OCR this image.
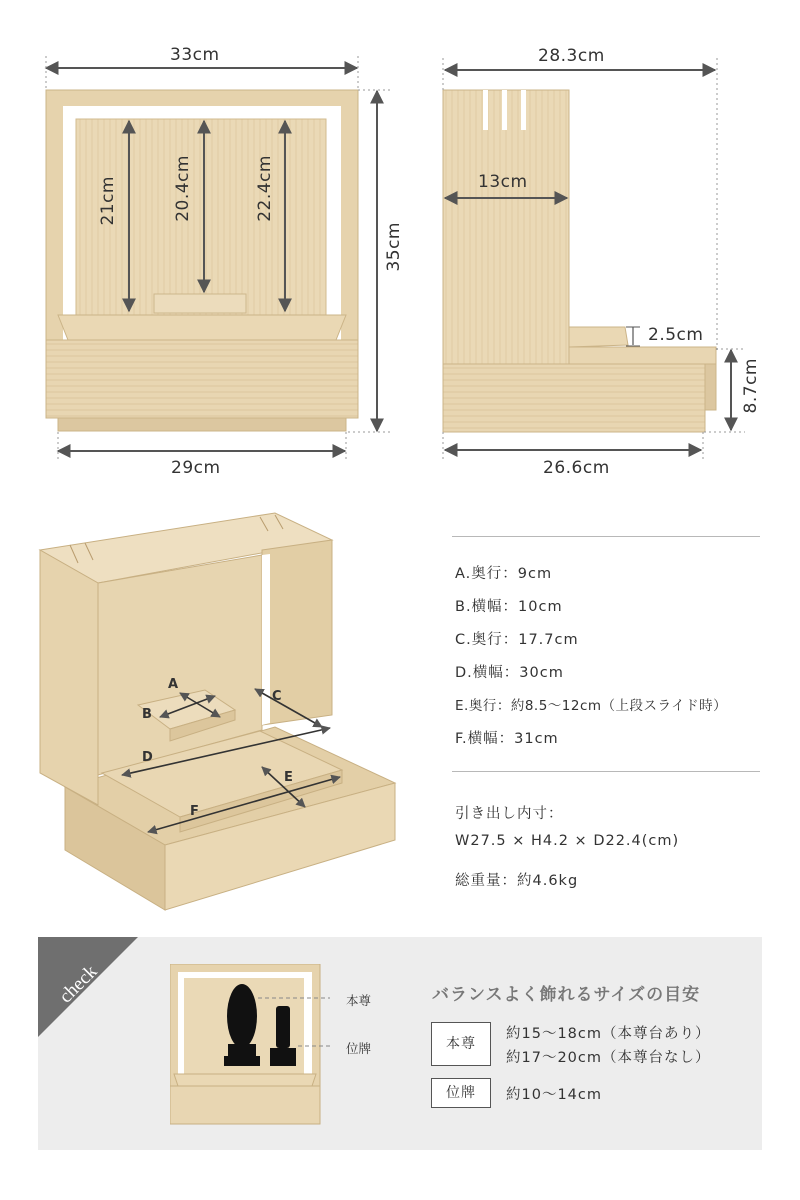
33cm
29cm
35cm
21cm	20.4cm	22.4cm
28.3cm
13cm
2.5cm
8.7cm
26.6cm
A
B
C
D
E
F
A.奥行：9cm
B.横幅：10cm
C.奥行：17.7cm
D.横幅：30cm
E.奥行：約8.5〜12cm（上段スライド時）
F.横幅：31cm
引き出し内寸：
W27.5 × H4.2 × D22.4(cm)
総重量：約4.6kg
check	本尊
位牌
バランスよく飾れるサイズの目安
本尊
約15〜18cm（本尊台あり）
約17〜20cm（本尊台なし）
位牌	約10〜14cm
